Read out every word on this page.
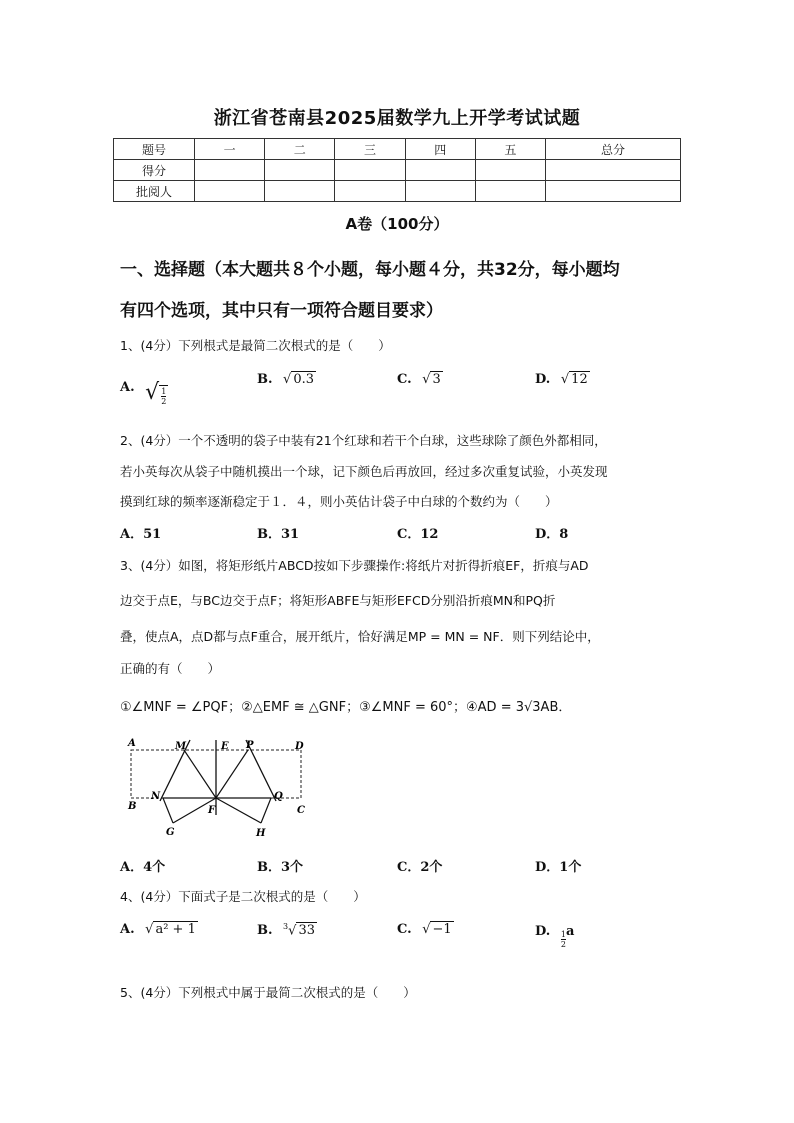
浙江省苍南县2025届数学九上开学考试试题
题号	一	二	三	四	五	总分
得分						
批阅人						
A卷（100分）
一、选择题（本大题共８个小题，每小题４分，共32分，每小题均
有四个选项，其中只有一项符合题目要求）
1、(4分）下列根式是最简二次根式的是（　　）
A. √ $\frac{1}{2}$
B. √ 0.3	C. √ 3	D. √ 12
2、(4分）一个不透明的袋子中装有21个红球和若干个白球，这些球除了颜色外都相同，
若小英每次从袋子中随机摸出一个球，记下颜色后再放回，经过多次重复试验，小英发现
摸到红球的频率逐渐稳定于１．４，则小英估计袋子中白球的个数约为（　　）
A．51	B．31	C．12	D．8
3、(4分）如图，将矩形纸片ABCD按如下步骤操作:将纸片对折得折痕EF，折痕与AD
边交于点E，与BC边交于点F；将矩形ABFE与矩形EFCD分别沿折痕MN和PQ折
叠，使点A，点D都与点F重合，展开纸片，恰好满足MP = MN = NF．则下列结论中，
正确的有（　　）
①∠MNF = ∠PQF；②△EMF ≅ △GNF；③∠MNF = 60°；④AD = 3√3AB．
A	M	E P	D
B
N
F
Q
C
G	H
A．4个	B．3个	C．2个	D．1个
4、(4分）下面式子是二次根式的是（　　）
A. √ a² + 1	B. $^3$√ 33	C. √ −1	D. $\frac{1}{2}a$
5、(4分）下列根式中属于最简二次根式的是（　　）
